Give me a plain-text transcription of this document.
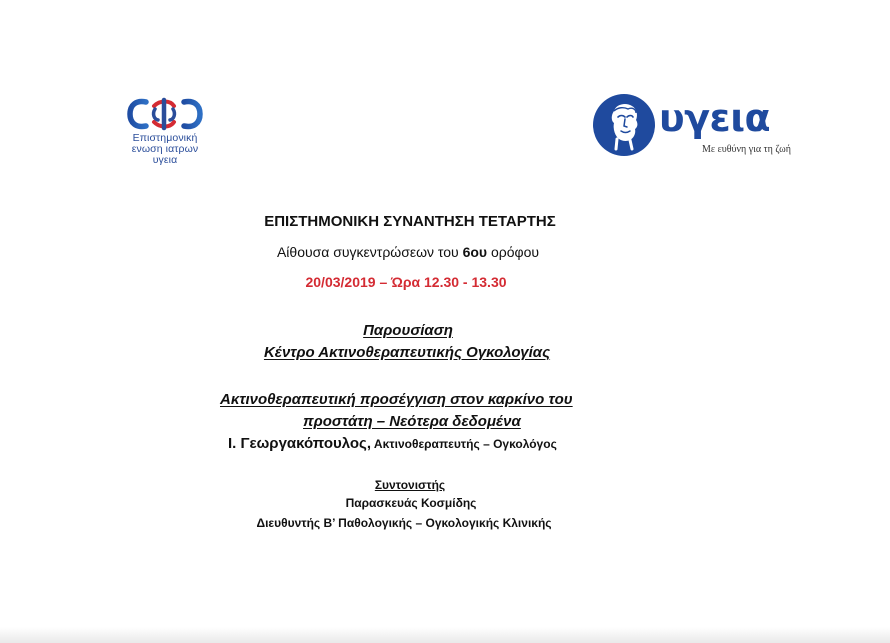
Επιστημονική
ενωση ιατρων
υγεια
υγεια
Με ευθύνη για τη ζωή
ΕΠΙΣΤΗΜΟΝΙΚΗ ΣΥΝΑΝΤΗΣΗ ΤΕΤΑΡΤΗΣ
Αίθουσα συγκεντρώσεων του 6ου ορόφου
20/03/2019 – Ώρα 12.30 - 13.30
Παρουσίαση
Κέντρο Ακτινοθεραπευτικής Ογκολογίας
Ακτινοθεραπευτική προσέγγιση στον καρκίνο του
προστάτη – Νεότερα δεδομένα
Ι. Γεωργακόπουλος, Ακτινοθεραπευτής – Ογκολόγος
Συντονιστής
Παρασκευάς Κοσμίδης
Διευθυντής Β’ Παθολογικής – Ογκολογικής Κλινικής
